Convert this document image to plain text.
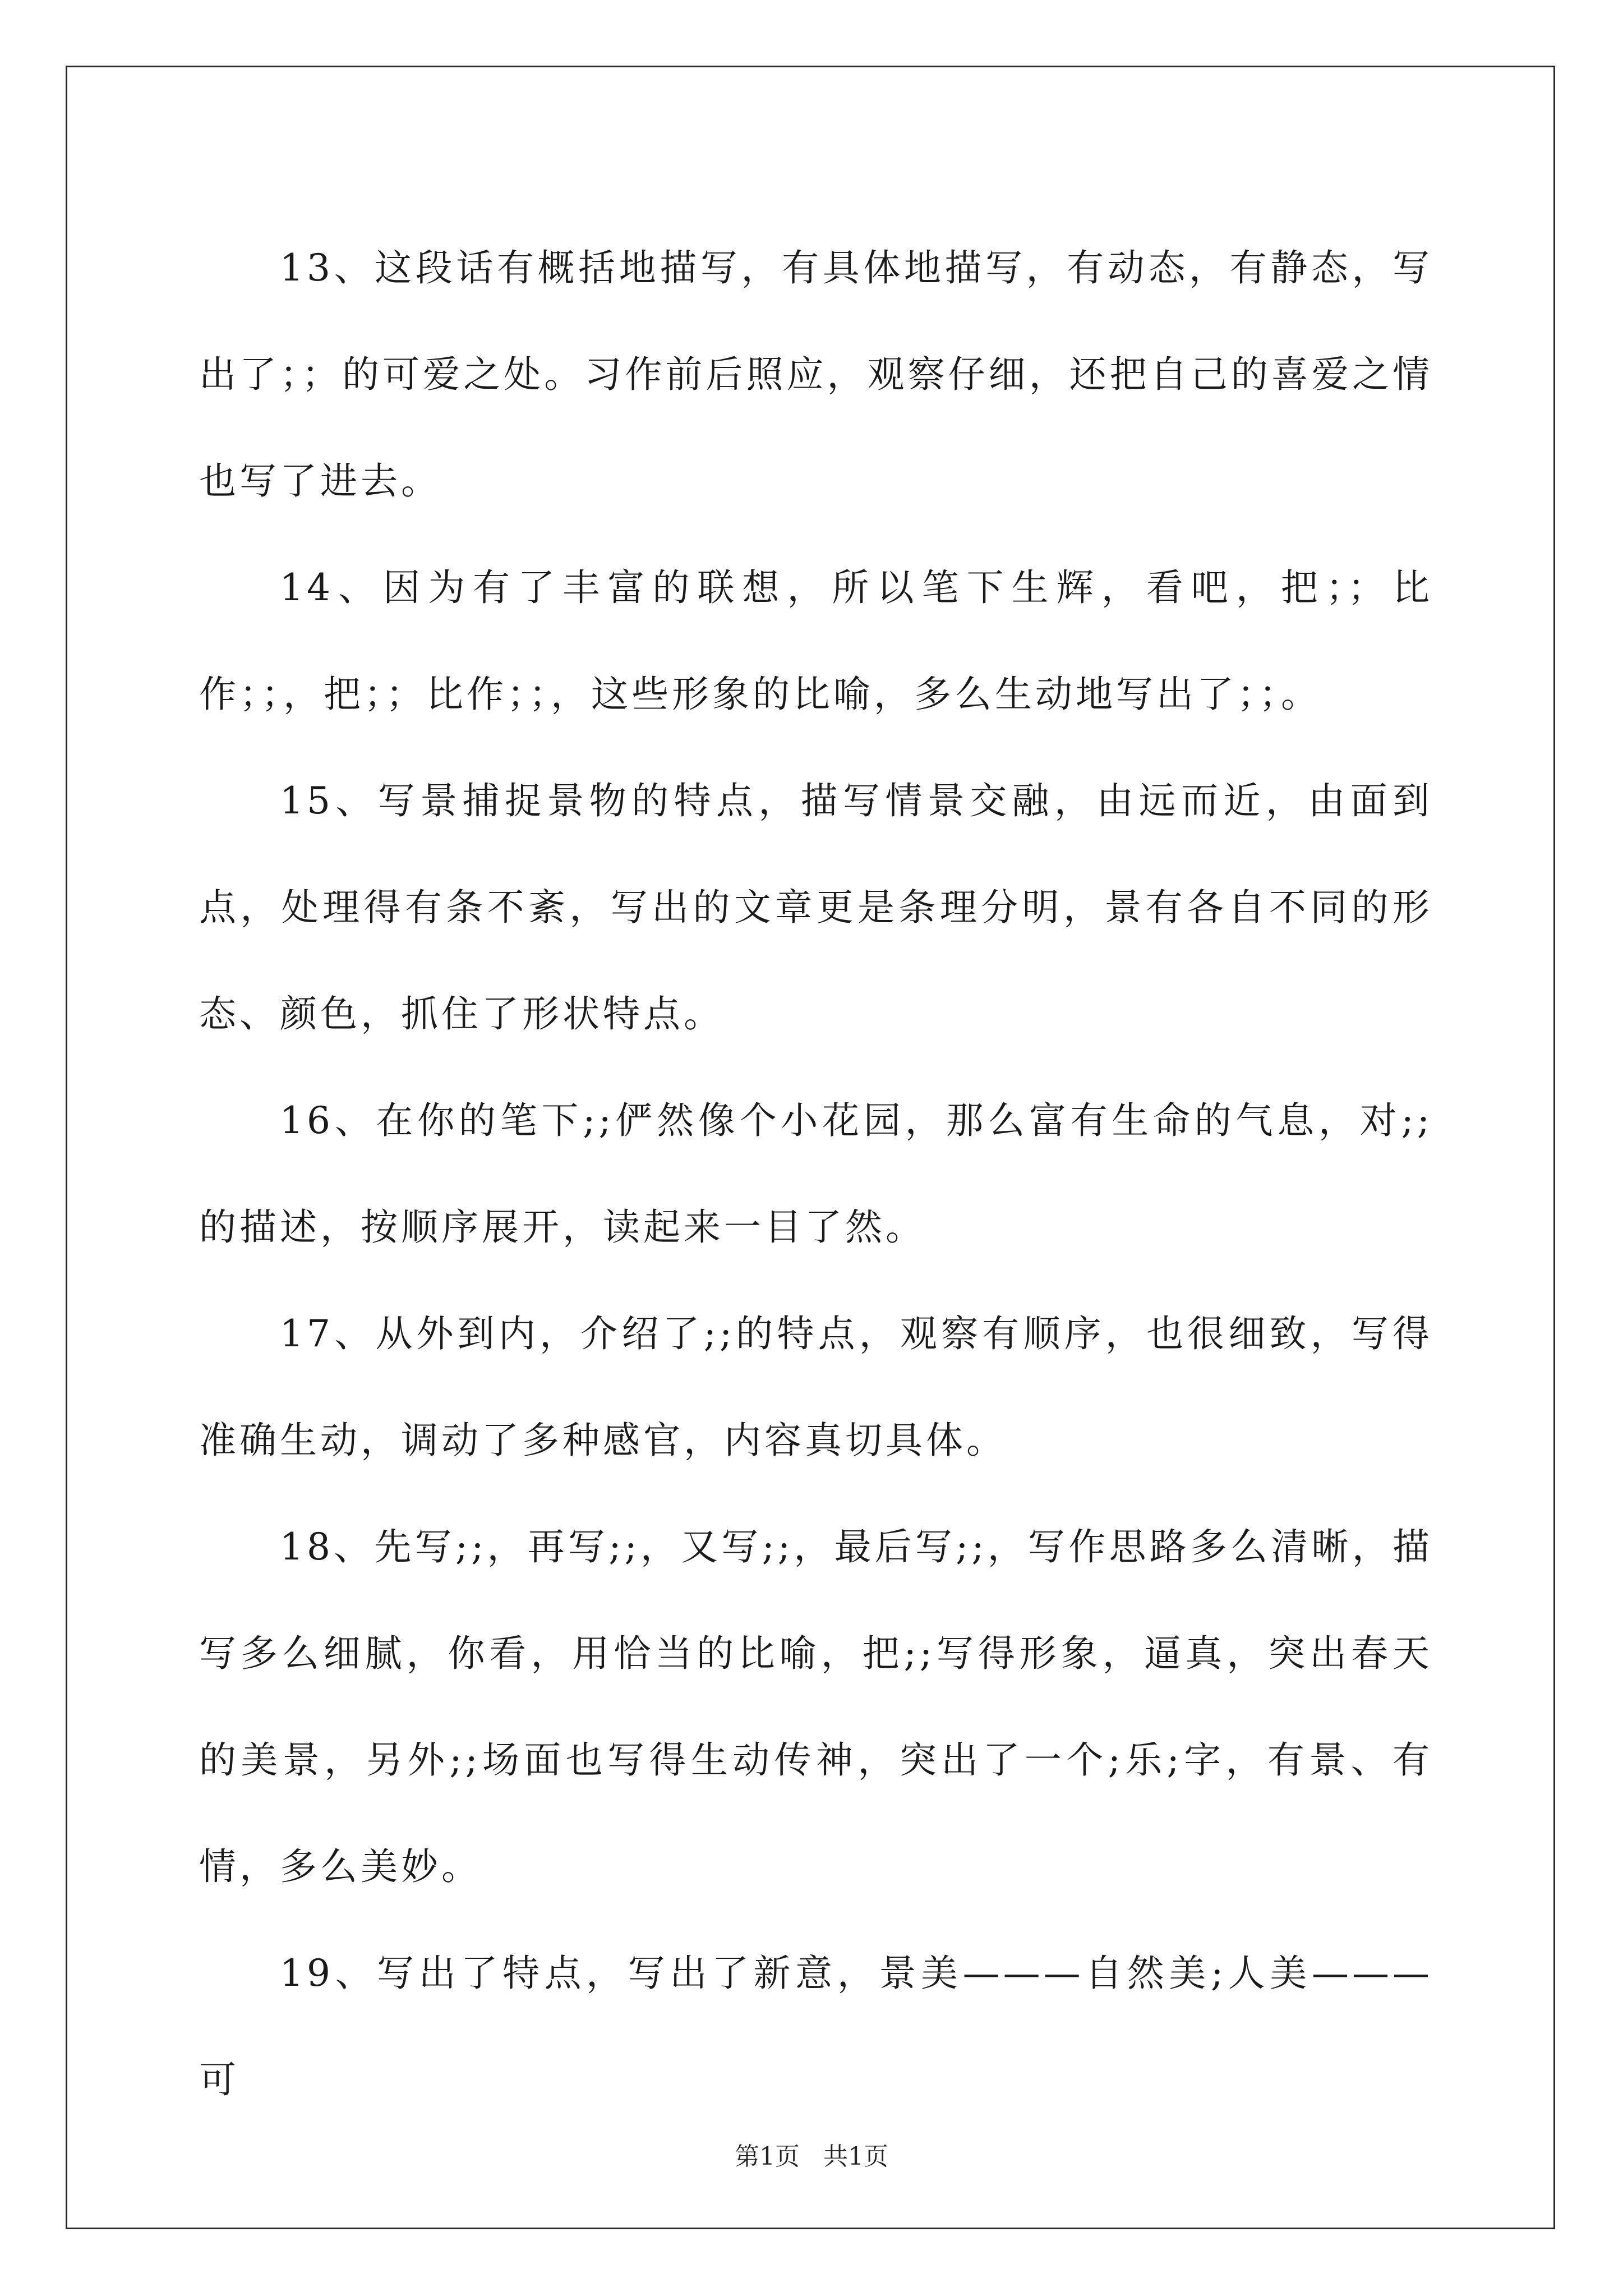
13、这段话有概括地描写，有具体地描写，有动态，有静态，写出了；；的可爱之处。习作前后照应，观察仔细，还把自己的喜爱之情也写了进去。

14、因为有了丰富的联想，所以笔下生辉，看吧，把；；比作；；，把；；比作；；，这些形象的比喻，多么生动地写出了；；。

15、写景捕捉景物的特点，描写情景交融，由远而近，由面到点，处理得有条不紊，写出的文章更是条理分明，景有各自不同的形态、颜色，抓住了形状特点。

16、在你的笔下;;俨然像个小花园，那么富有生命的气息，对;;的描述，按顺序展开，读起来一目了然。

17、从外到内，介绍了;;的特点，观察有顺序，也很细致，写得准确生动，调动了多种感官，内容真切具体。

18、先写;;，再写;;，又写;;，最后写;;，写作思路多么清晰，描写多么细腻，你看，用恰当的比喻，把;;写得形象，逼真，突出春天的美景，另外;;场面也写得生动传神，突出了一个;乐;字，有景、有情，多么美妙。

19、写出了特点，写出了新意，景美———自然美;人美———可

第1页 共1页
